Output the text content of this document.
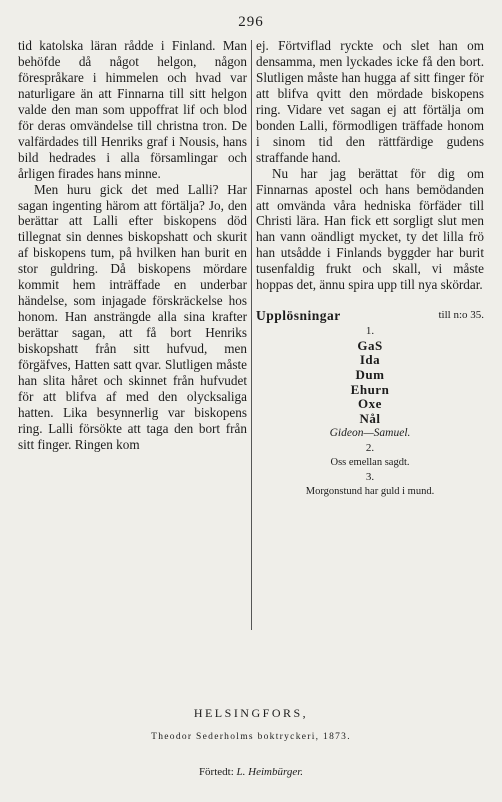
296

tid katolska läran rådde i Finland. Man behöfde då något helgon, någon förespråkare i himmelen och hvad var naturligare än att Finnarna till sitt helgon valde den man som uppoffrat lif och blod för deras omvändelse till christna tron. De valfärdades till Henriks graf i Nousis, hans bild hedrades i alla församlingar och årligen firades hans minne.

Men huru gick det med Lalli? Har sagan ingenting härom att förtälja? Jo, den berättar att Lalli efter biskopens död tillegnat sin dennes biskopshatt och skurit af biskopens tum, på hvilken han burit en stor guldring. Då biskopens mördare kommit hem inträffade en underbar händelse, som injagade förskräckelse hos honom. Han ansträngde alla sina krafter berättar sagan, att få bort Henriks biskopshatt från sitt hufvud, men förgäfves, Hatten satt qvar. Slutligen måste han slita håret och skinnet från hufvudet för att blifva af med den olycksaliga hatten. Lika besynnerlig var biskopens ring. Lalli försökte att taga den bort från sitt finger. Ringen kom

ej. Förtviflad ryckte och slet han om densamma, men lyckades icke få den bort. Slutligen måste han hugga af sitt finger för att blifva qvitt den mördade biskopens ring. Vidare vet sagan ej att förtälja om bonden Lalli, förmodligen träffade honom i sinom tid den rättfärdige gudens straffande hand.

Nu har jag berättat för dig om Finnarnas apostel och hans bemödanden att omvända våra hedniska förfäder till Christi lära. Han fick ett sorgligt slut men han vann oändligt mycket, ty det lilla frö han utsådde i Finlands byggder har burit tusenfaldig frukt och skall, vi måste hoppas det, ännu spira upp till nya skördar.

Upplösningar	till n:o 35.
1.
GaS
Ida
Dum
Ehurn
Oxe
Nål
Gideon—Samuel.
2.
Oss emellan sagdt.
3.
Morgonstund har guld i mund.
HELSINGFORS,
Theodor Sederholms boktryckeri, 1873.
Förtedt: L. Heimbürger.
